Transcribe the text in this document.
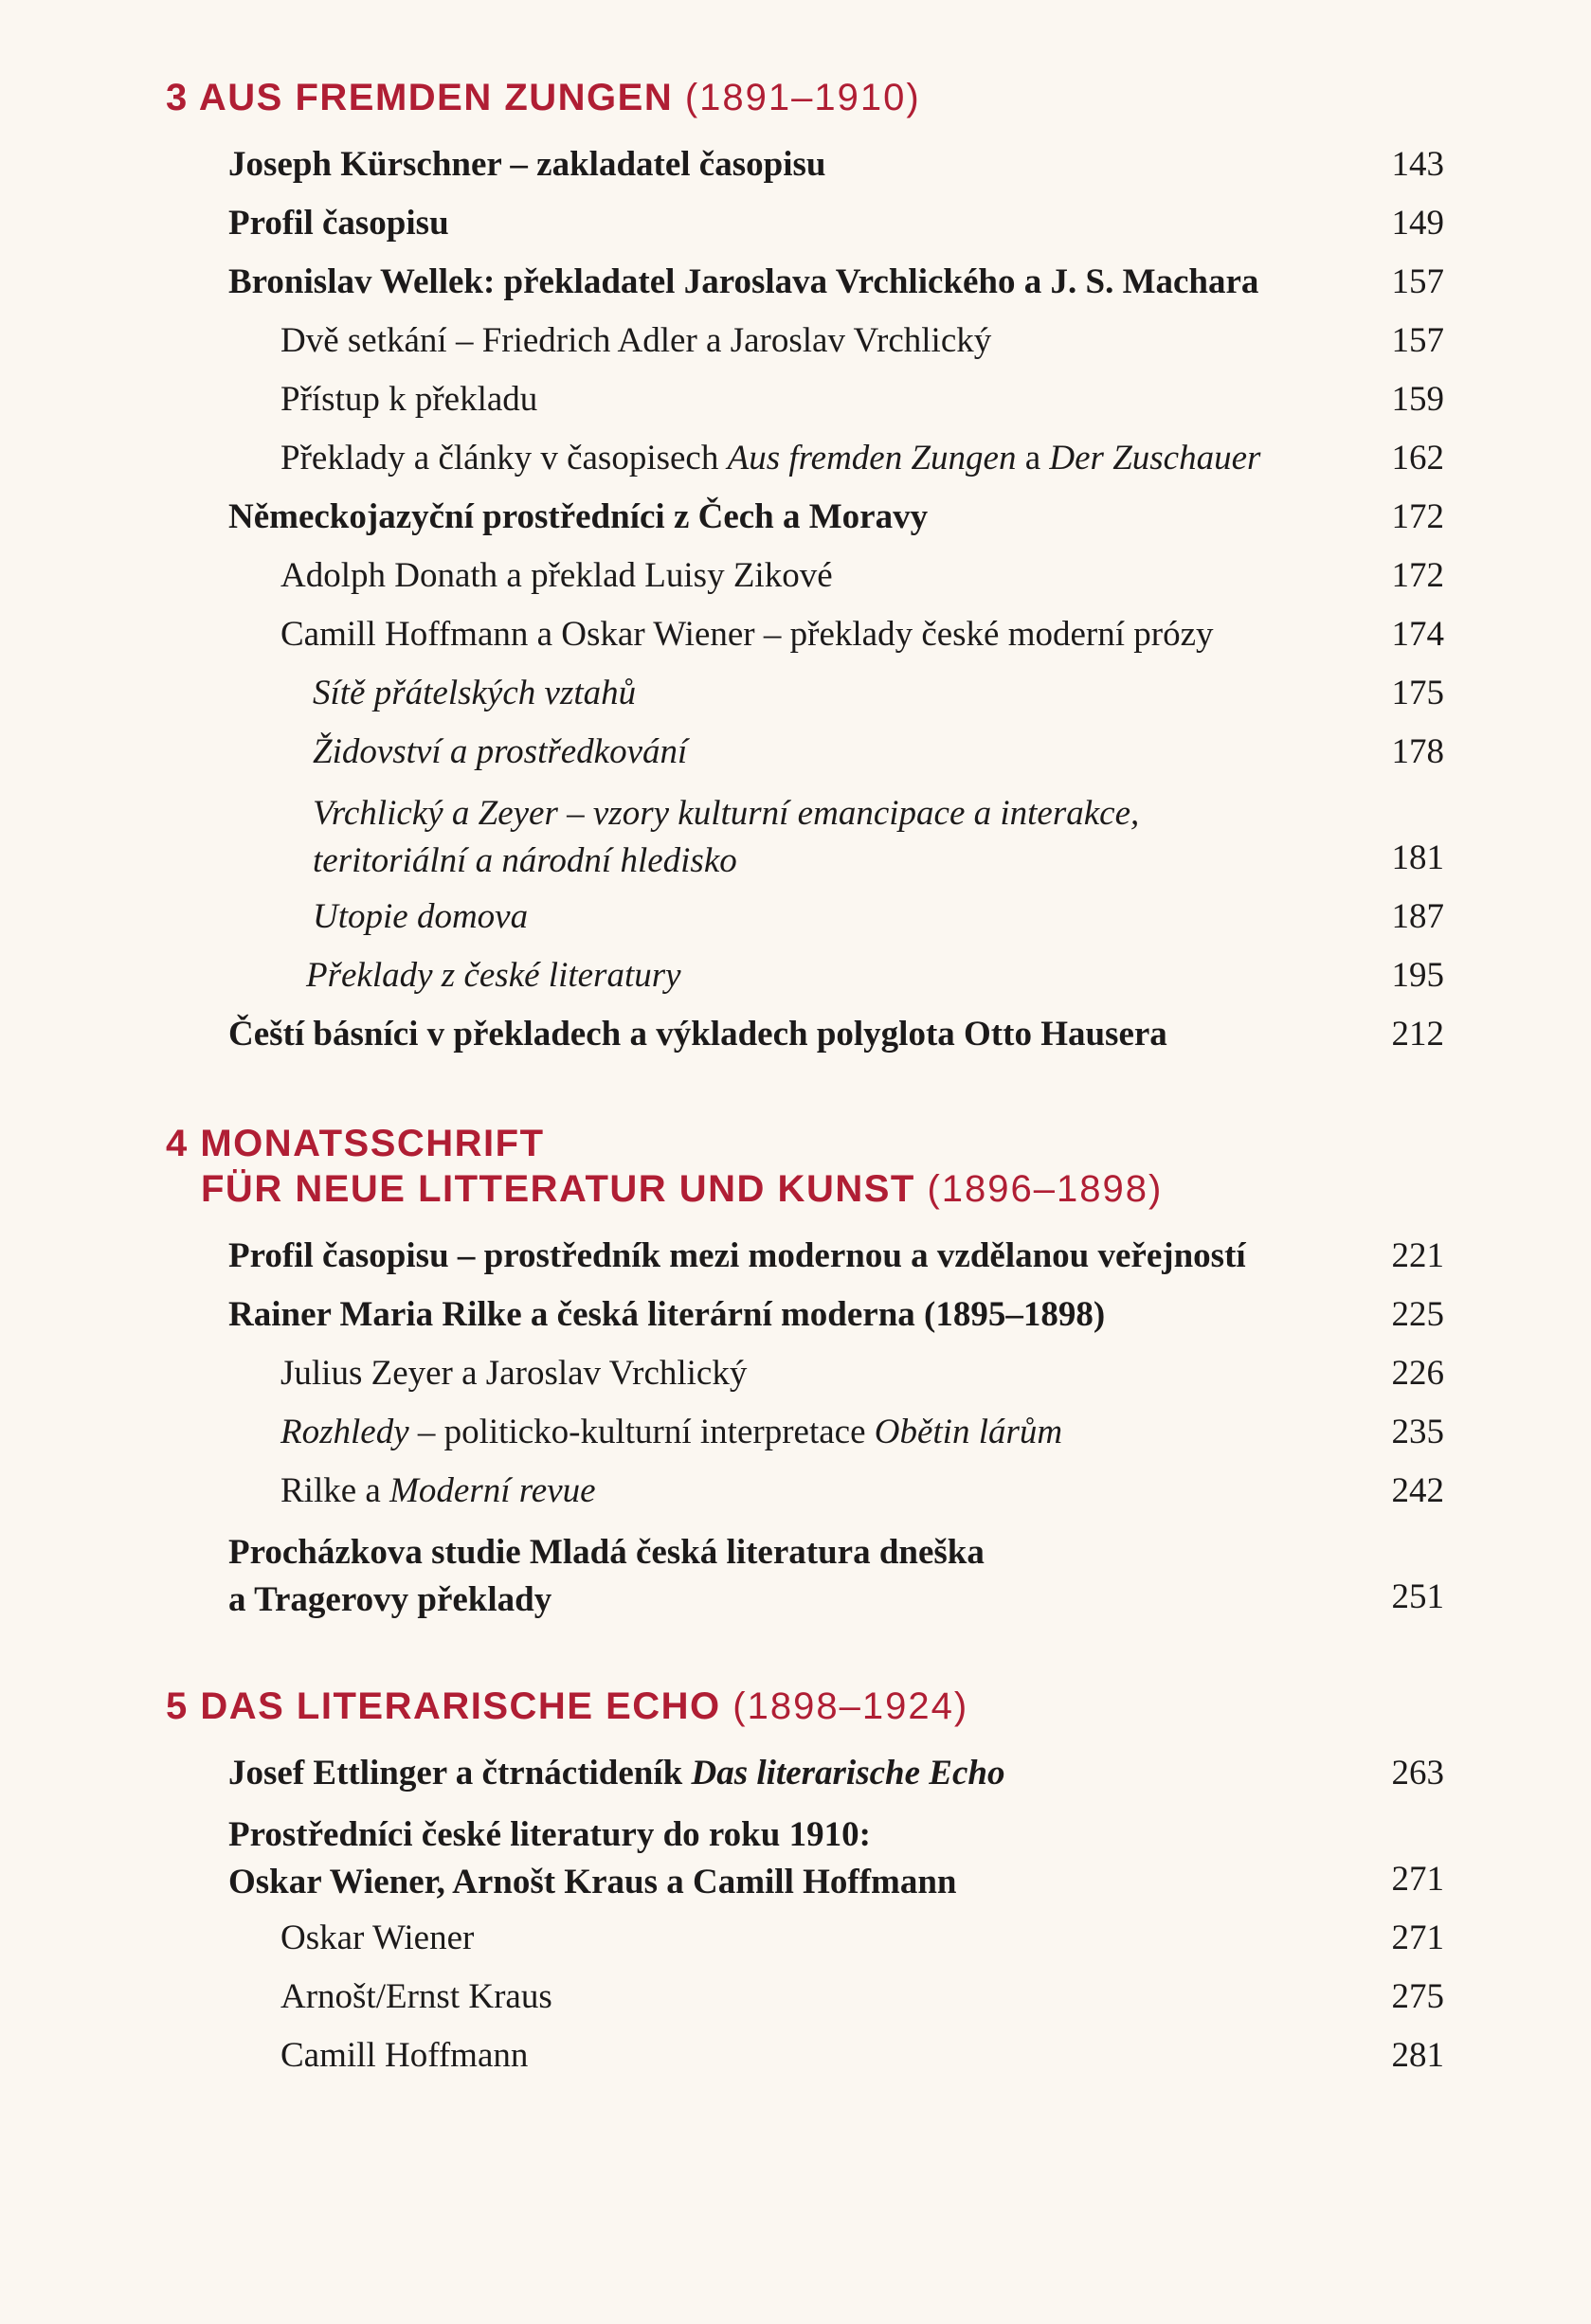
3 AUS FREMDEN ZUNGEN (1891–1910)
Joseph Kürschner – zakladatel časopisu	143
Profil časopisu	149
Bronislav Wellek: překladatel Jaroslava Vrchlického a J. S. Machara	157
Dvě setkání – Friedrich Adler a Jaroslav Vrchlický	157
Přístup k překladu	159
Překlady a články v časopisech Aus fremden Zungen a Der Zuschauer	162
Německojazyční prostředníci z Čech a Moravy	172
Adolph Donath a překlad Luisy Zikové	172
Camill Hoffmann a Oskar Wiener – překlady české moderní prózy	174
Sítě přátelských vztahů	175
Židovství a prostředkování	178
Vrchlický a Zeyer – vzory kulturní emancipace a interakce,
teritoriální a národní hledisko	181
Utopie domova	187
Překlady z české literatury	195
Čeští básníci v překladech a výkladech polyglota Otto Hausera	212
4 MONATSSCHRIFT
FÜR NEUE LITTERATUR UND KUNST (1896–1898)
Profil časopisu – prostředník mezi modernou a vzdělanou veřejností	221
Rainer Maria Rilke a česká literární moderna (1895–1898)	225
Julius Zeyer a Jaroslav Vrchlický	226
Rozhledy – politicko-kulturní interpretace Obětin lárům	235
Rilke a Moderní revue	242
Procházkova studie Mladá česká literatura dneška
a Tragerovy překlady	251
5 DAS LITERARISCHE ECHO (1898–1924)
Josef Ettlinger a čtrnáctideník Das literarische Echo	263
Prostředníci české literatury do roku 1910:
Oskar Wiener, Arnošt Kraus a Camill Hoffmann	271
Oskar Wiener	271
Arnošt/Ernst Kraus	275
Camill Hoffmann	281
